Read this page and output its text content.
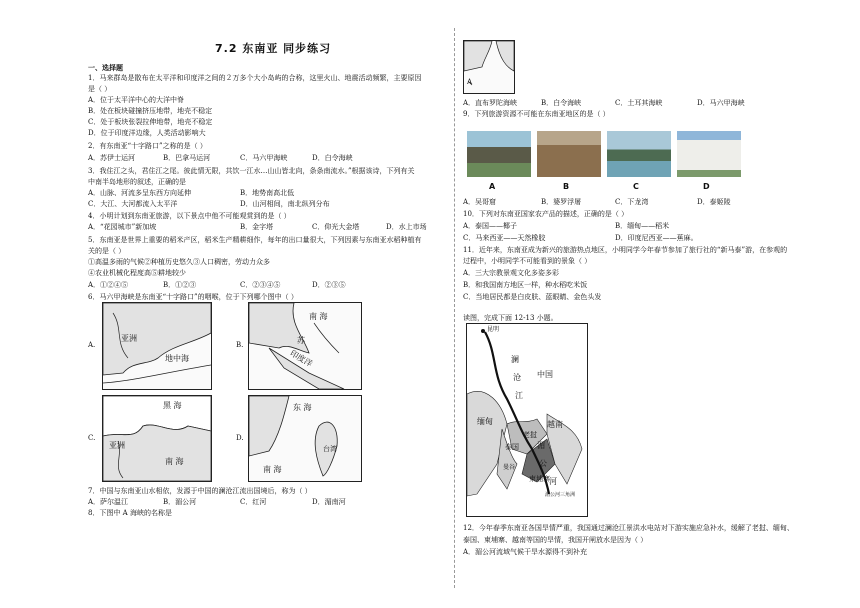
7.2 东南亚 同步练习
一、选择题
1．马来群岛是散布在太平洋和印度洋之间的２万多个大小岛屿的合称，这里火山、地震活动频繁，主要原因
是（ ）
A．位于太平洋中心的大洋中脊
B．处在板块碰撞挤压地带，地壳不稳定
C．处于板块张裂拉伸地带，地壳不稳定
D．位于印度洋边缘，人类活动影响大
2．有东南亚“十字路口”之称的是（ ）
A．苏伊士运河	B．巴拿马运河	C．马六甲海峡	D．白令海峡
3．我住江之头，君住江之尾。彼此情无限，共饮一江水…山山皆北向，条条南流水。”根据该诗，下列有关
中南半岛地形的叙述，正确的是
A．山脉、河流多呈东西方向延伸	B．地势南高北低
C．大江、大河都流入太平洋	D．山河相间，南北纵列分布
4．小明计划到东南亚旅游，以下景点中他不可能观赏到的是（ ）
A．“花园城市”新加坡	B．金字塔	C．仰光大金塔	D．水上市场
5．东南亚是世界上重要的稻米产区，稻米生产精耕细作，每年的出口量很大，下列因素与东南亚水稻种植有
关的是（ ）
①高温多雨的气候②种植历史悠久③人口稠密，劳动力众多
④农业机械化程度高⑤耕地较少
A．①②④⑤	B．①②③	C．②③④⑤	D．②③⑤
6．马六甲海峡是东南亚“十字路口”的咽喉，位于下列哪个图中（ ）
A.
亚洲
地中海
B.
南 海
印度洋
苏
C.
黑 海
亚洲
南 海
D.
东 海
南 海
台湾
7．中国与东南亚山水相依，发源于中国的澜沧江流出国境后，称为（ ）
A．萨尔温江	B．湄公河	C．红河	D．湄南河
8．下图中 A 海峡的名称是
A
A．直布罗陀海峡	B．白令海峡	C．土耳其海峡	D．马六甲海峡
9．下列旅游资源不可能在东南亚地区的是（ ）
A	B	C	D
A．吴哥窟	B．婆罗浮屠	C．下龙湾	D．泰姬陵
10．下列对东南亚国家农产品的描述，正确的是（ ）
A．泰国——椰子	B．缅甸——稻米
C．马来西亚——天然橡胶	D．印度尼西亚——蕉麻。
11．近年来，东南亚成为新兴的旅游热点地区，小明同学今年春节参加了旅行社的“新马泰”游，在参观的
过程中，小明同学不可能看到的景象（ ）
A．三大宗教景观文化多姿多彩
B．和我国南方地区一样，种水稻吃米饭
C．当地居民都是白皮肤、蓝眼睛、金色头发
读图，完成下面 12-13 小题。
昆明
澜
中国
沧
江
缅甸	越南
老挝
泰国 湄
曼谷	公
柬埔寨 河
湄公河三角洲
12．今年春季东南亚各国旱情严重，我国通过澜沧江景洪水电站对下游实施应急补水，缓解了老挝、缅甸、
泰国、柬埔寨、越南等国的旱情，我国开闸放水是因为（ ）
A．湄公河流域气候干旱水源得不到补充
